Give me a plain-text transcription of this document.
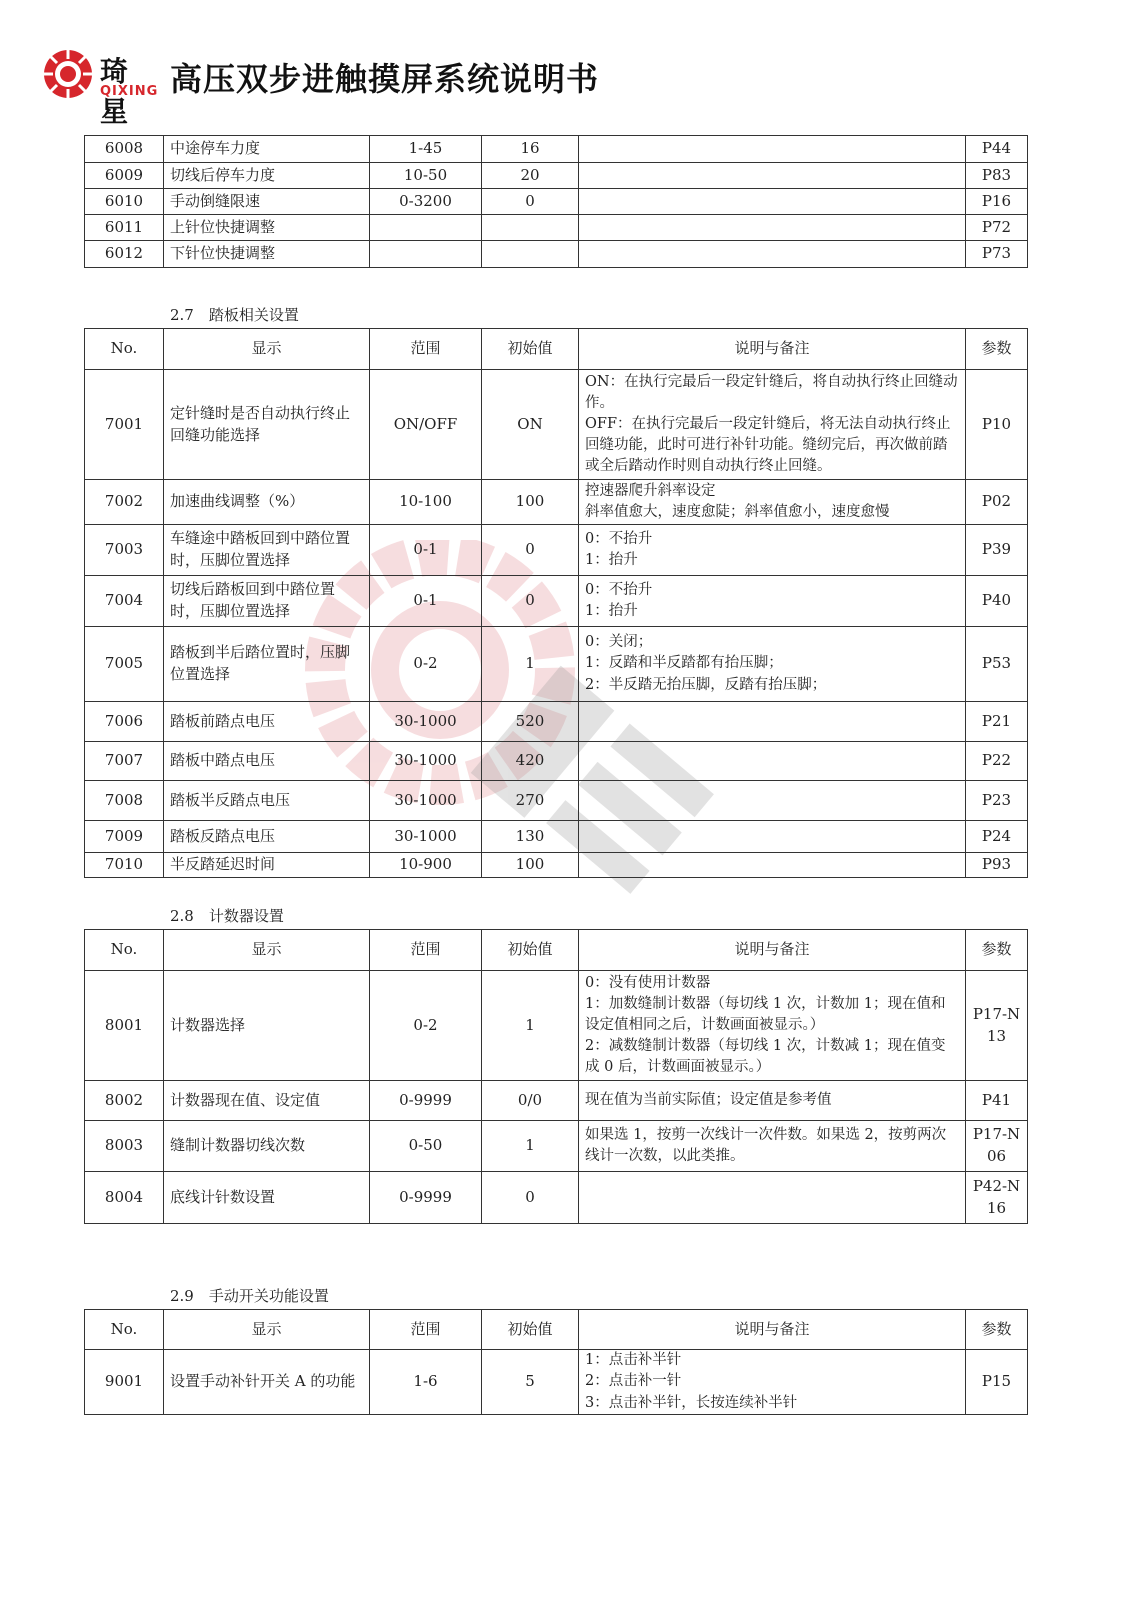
琦星
QIXING 高压双步进触摸屏系统说明书
6008	中途停车力度	1-45	16		P44
6009	切线后停车力度	10-50	20		P83
6010	手动倒缝限速	0-3200	0		P16
6011	上针位快捷调整				P72
6012	下针位快捷调整				P73
2.7　踏板相关设置
No.	显示	范围	初始值	说明与备注	参数
7001	定针缝时是否自动执行终止回缝功能选择	ON/OFF	ON	ON：在执行完最后一段定针缝后，将自动执行终止回缝动作。
OFF：在执行完最后一段定针缝后，将无法自动执行终止回缝功能，此时可进行补针功能。缝纫完后，再次做前踏或全后踏动作时则自动执行终止回缝。	P10
7002	加速曲线调整（%）	10-100	100	控速器爬升斜率设定
斜率值愈大，速度愈陡；斜率值愈小，速度愈慢	P02
7003	车缝途中踏板回到中踏位置时，压脚位置选择	0-1	0	0：不抬升
1：抬升	P39
7004	切线后踏板回到中踏位置时，压脚位置选择	0-1	0	0：不抬升
1：抬升	P40
7005	踏板到半后踏位置时，压脚位置选择	0-2	1	0：关闭；
1：反踏和半反踏都有抬压脚；
2：半反踏无抬压脚，反踏有抬压脚；	P53
7006	踏板前踏点电压	30-1000	520		P21
7007	踏板中踏点电压	30-1000	420		P22
7008	踏板半反踏点电压	30-1000	270		P23
7009	踏板反踏点电压	30-1000	130		P24
7010	半反踏延迟时间	10-900	100		P93
2.8　计数器设置
No.	显示	范围	初始值	说明与备注	参数
8001	计数器选择	0-2	1	0：没有使用计数器
1：加数缝制计数器（每切线 1 次，计数加 1；现在值和设定值相同之后，计数画面被显示。）
2：减数缝制计数器（每切线 1 次，计数减 1；现在值变成 0 后，计数画面被显示。）	P17-N13
8002	计数器现在值、设定值	0-9999	0/0	现在值为当前实际值；设定值是参考值	P41
8003	缝制计数器切线次数	0-50	1	如果选 1，按剪一次线计一次件数。如果选 2，按剪两次线计一次数，以此类推。	P17-N06
8004	底线计针数设置	0-9999	0		P42-N16
2.9　手动开关功能设置
No.	显示	范围	初始值	说明与备注	参数
9001	设置手动补针开关 A 的功能	1-6	5	1：点击补半针
2：点击补一针
3：点击补半针，长按连续补半针	P15
